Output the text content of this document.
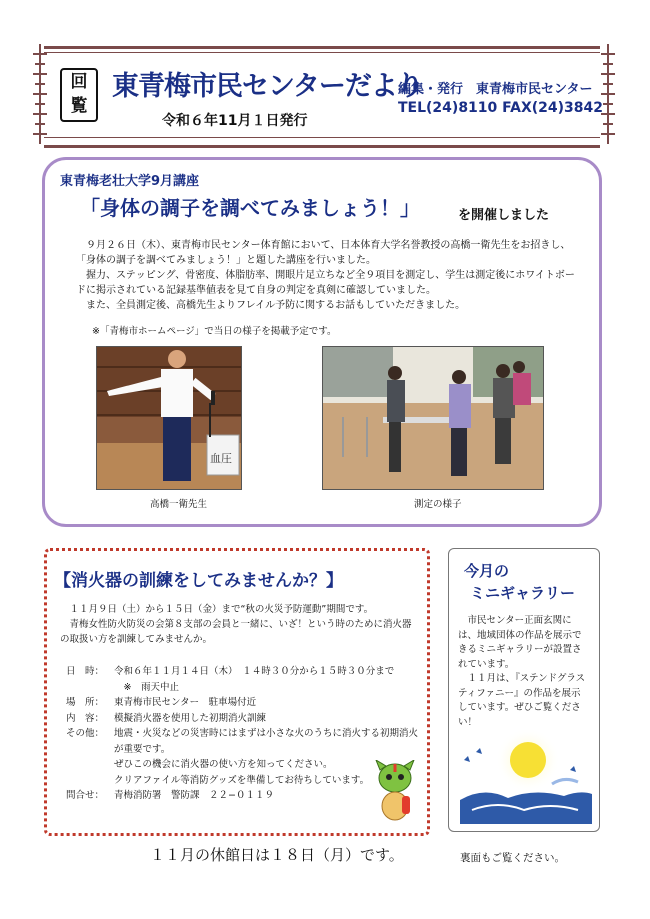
回
覧
東青梅市民センターだより
令和６年11月１日発行
編集・発行　東青梅市民センター
TEL(24)8110 FAX(24)3842
東青梅老壮大学9月講座
「身体の調子を調べてみましょう！」	を開催しました

　９月２６日（木）、東青梅市民センター体育館において、日本体育大学名誉教授の高橋一衛先生をお招きし、「身体の調子を調べてみましょう！」と題した講座を行いました。

　握力、ステッピング、骨密度、体脂肪率、開眼片足立ちなど全９項目を測定し、学生は測定後にホワイトボードに掲示されている記録基準値表を見て自身の判定を真剣に確認していました。

　また、全員測定後、高橋先生よりフレイル予防に関するお話もしていただきました。

※「青梅市ホームページ」で当日の様子を掲載予定です。
血圧
高橋一衛先生	測定の様子
【消火器の訓練をしてみませんか？】

　１１月９日（土）から１５日（金）まで“秋の火災予防運動”期間です。

　青梅女性防火防災の会第８支部の会員と一緒に、いざ！という時のために消火器の取扱い方を訓練してみませんか。

日　時：	令和６年１１月１４日（木）　１４時３０分から１５時３０分まで
　※　雨天中止
場　所：	東青梅市民センター　駐車場付近
内　容：	模擬消火器を使用した初期消火訓練
その他：	地震・火災などの災害時にはまずは小さな火のうちに消火する初期消火が重要です。
ぜひこの機会に消火器の使い方を知ってください。
クリアファイル等消防グッズを準備してお待ちしています。
問合せ：	青梅消防署　警防課　２２−０１１９
今月の
ミニギャラリー

　市民センター正面玄関には、地域団体の作品を展示できるミニギャラリーが設置されています。

　１１月は、『ステンドグラスティファニー』の作品を展示しています。ぜひご覧ください！

１１月の休館日は１８日（月）です。	裏面もご覧ください。
